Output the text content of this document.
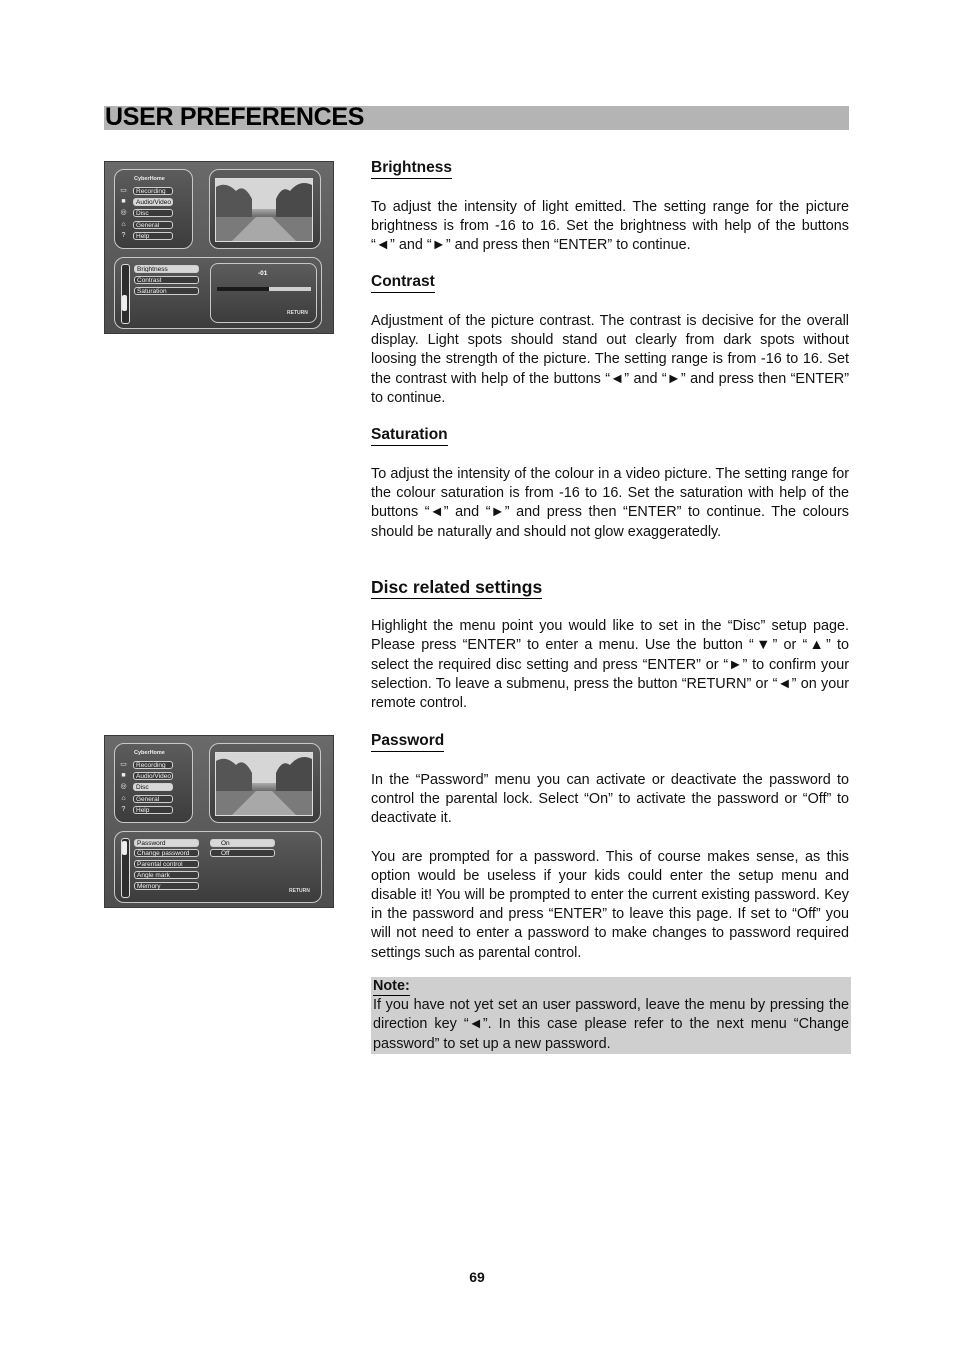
USER PREFERENCES
CyberHome
▭	Recording
■	Audio/Video
◎	Disc
⌂	General
?	Help
Brightness
Contrast
Saturation
-01
RETURN
CyberHome
▭	Recording
■	Audio/Video
◎	Disc
⌂	General
?	Help
Password
Change password
Parental control
Angle mark
Memory
On
Off
RETURN
Brightness

To adjust the intensity of light emitted. The setting range for the picture brightness is from -16 to 16. Set the brightness with help of the buttons “◄” and “►” and press then “ENTER” to continue.

Contrast

Adjustment of the picture contrast. The contrast is decisive for the overall display. Light spots should stand out clearly from dark spots without loosing the strength of the picture. The setting range is from -16 to 16. Set the contrast with help of the buttons “◄” and “►” and press then “ENTER” to continue.

Saturation

To adjust the intensity of the colour in a video picture. The setting range for the colour saturation is from -16 to 16. Set the saturation with help of the buttons “◄” and “►” and press then “ENTER” to continue. The colours should be naturally and should not glow exaggeratedly.

Disc related settings

Highlight the menu point you would like to set in the “Disc” setup page. Please press “ENTER” to enter a menu. Use the button “▼” or “▲” to select the required disc setting and press “ENTER” or “►” to confirm your selection. To leave a submenu, press the button “RETURN” or “◄” on your remote control.

Password

In the “Password” menu you can activate or deactivate the password to control the parental lock. Select “On” to activate the password or “Off” to deactivate it.

You are prompted for a password. This of course makes sense, as this option would be useless if your kids could enter the setup menu and disable it! You will be prompted to enter the current existing password. Key in the password and press “ENTER” to leave this page. If set to “Off” you will not need to enter a password to make changes to password required settings such as parental control.

Note:

If you have not yet set an user password, leave the menu by pressing the direction key “◄”. In this case please refer to the next menu “Change password” to set up a new password.

69
